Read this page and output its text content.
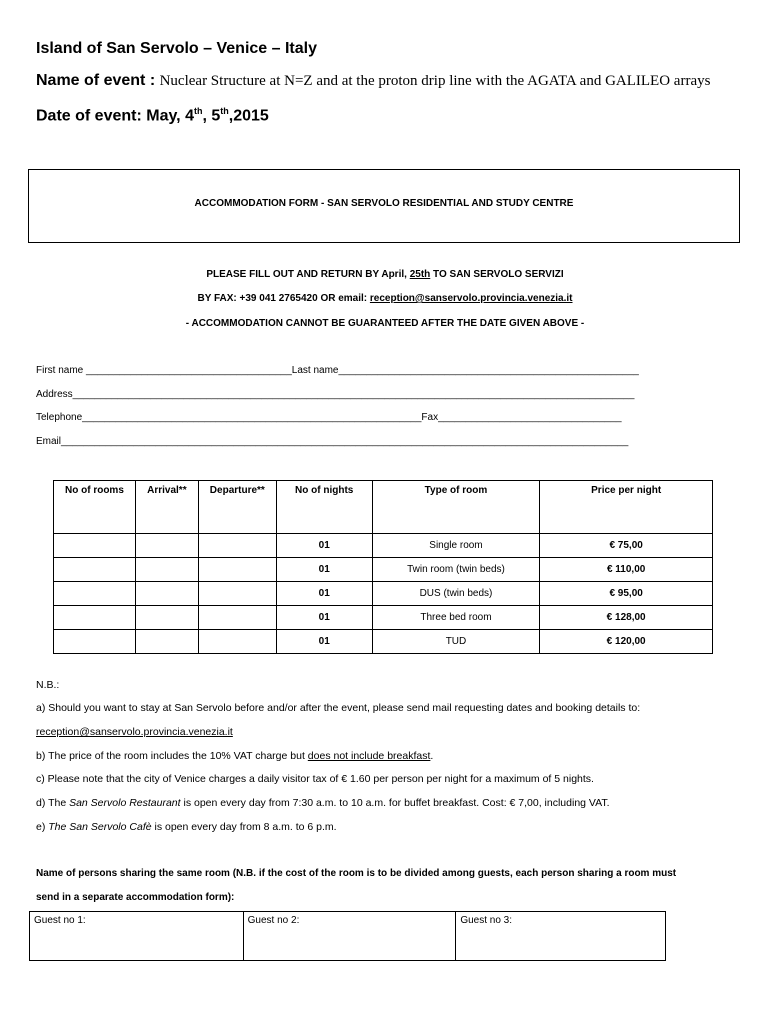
Island of San Servolo – Venice – Italy
Name of event : Nuclear Structure at N=Z and at the proton drip line with the AGATA and GALILEO arrays
Date of event: May, 4th, 5th,2015
ACCOMMODATION FORM - SAN SERVOLO RESIDENTIAL AND STUDY CENTRE
PLEASE FILL OUT AND RETURN BY April, 25th TO SAN SERVOLO SERVIZI
BY FAX: +39 041 2765420 OR email: reception@sanservolo.provincia.venezia.it
- ACCOMMODATION CANNOT BE GUARANTEED AFTER THE DATE GIVEN ABOVE -
First name _____________________________________Last name______________________________________________________
Address_____________________________________________________________________________________________________
Telephone_____________________________________________________________Fax_________________________________
Email______________________________________________________________________________________________________
No of rooms	Arrival**	Departure**	No of nights	Type of room	Price per night
			01	Single room	€ 75,00
			01	Twin room (twin beds)	€ 110,00
			01	DUS (twin beds)	€ 95,00
			01	Three bed room	€ 128,00
			01	TUD	€ 120,00
N.B.:
a) Should you want to stay at San Servolo before and/or after the event, please send mail requesting dates and booking details to:
reception@sanservolo.provincia.venezia.it
b) The price of the room includes the 10% VAT charge but does not include breakfast.
c) Please note that the city of Venice charges a daily visitor tax of € 1.60 per person per night for a maximum of 5 nights.
d) The San Servolo Restaurant is open every day from 7:30 a.m. to 10 a.m. for buffet breakfast. Cost: € 7,00, including VAT.
e) The San Servolo Cafè is open every day from 8 a.m. to 6 p.m.
Name of persons sharing the same room (N.B. if the cost of the room is to be divided among guests, each person sharing a room must
send in a separate accommodation form):
Guest no 1:	Guest no 2:	Guest no 3:
